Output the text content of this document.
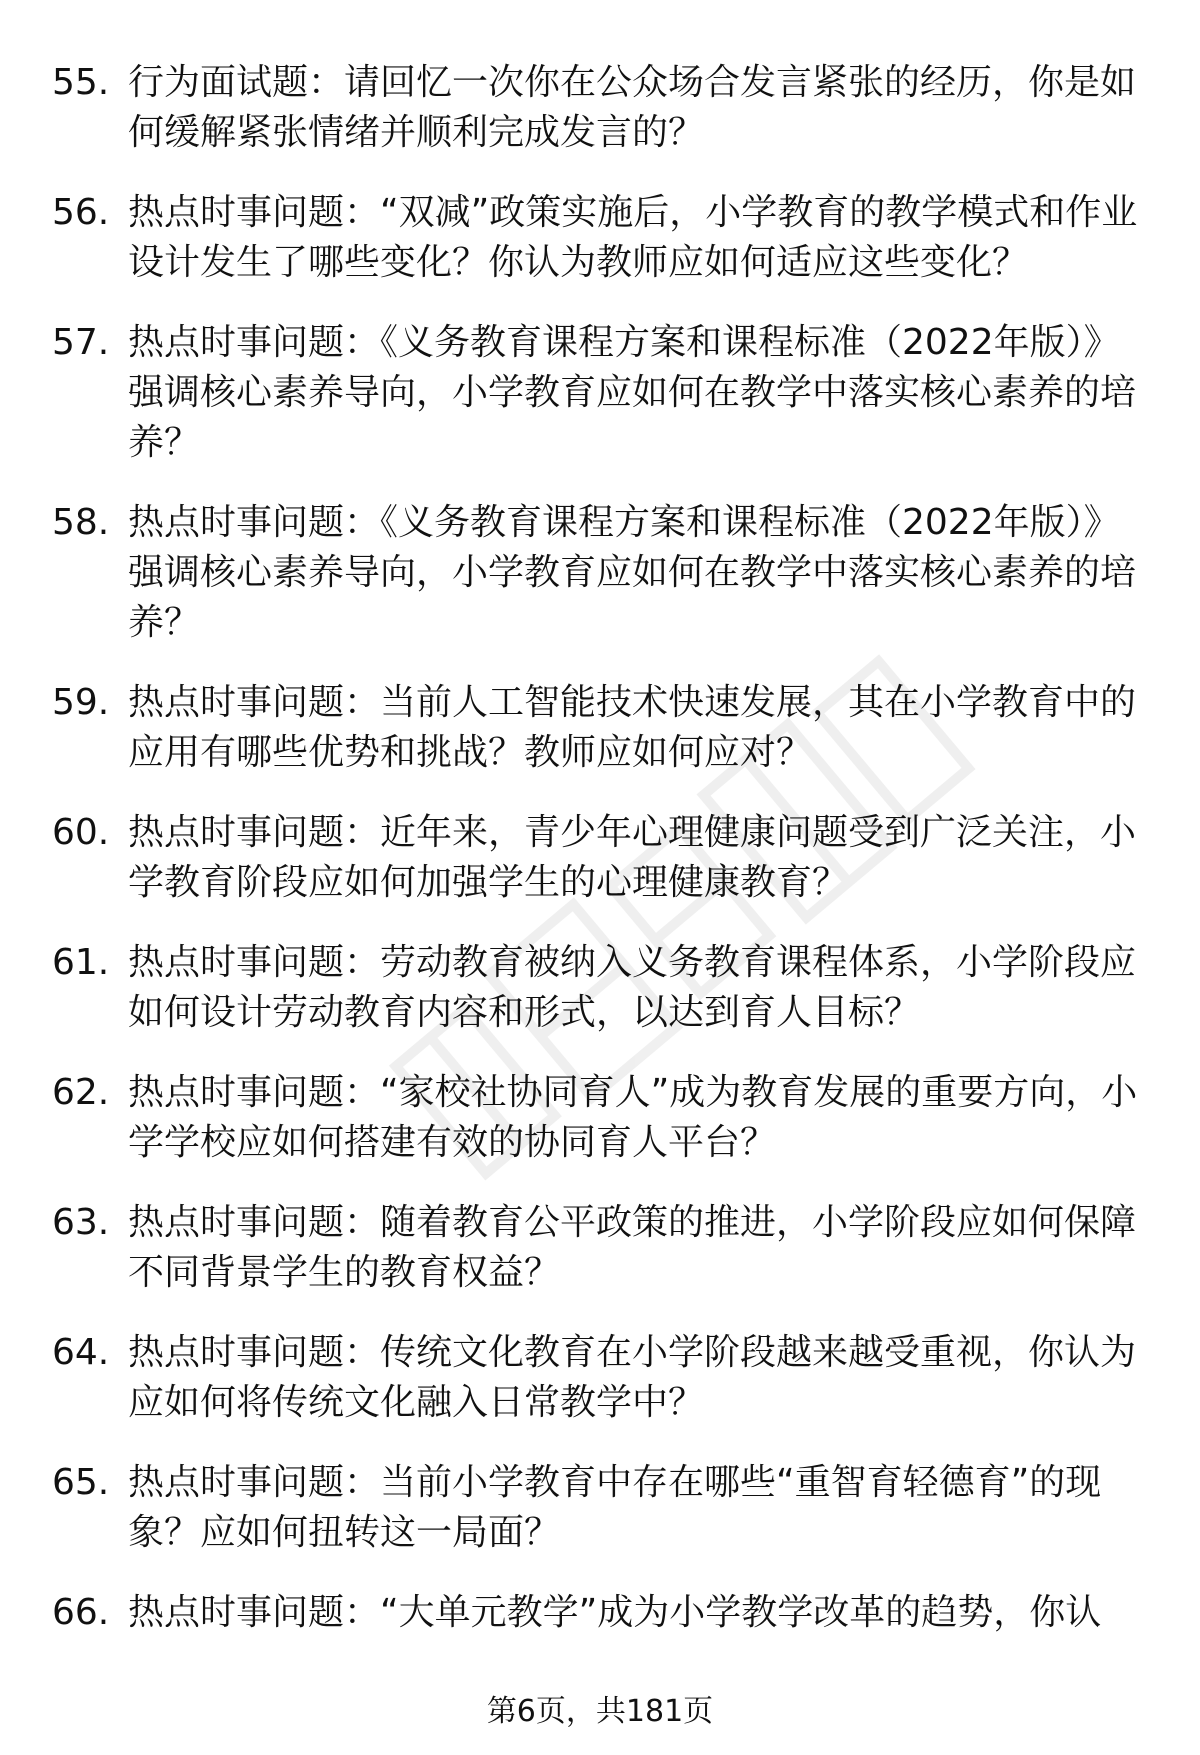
55. 行为面试题：请回忆一次你在公众场合发言紧张的经历，你是如何缓解紧张情绪并顺利完成发言的？
56. 热点时事问题：“双减”政策实施后，小学教育的教学模式和作业设计发生了哪些变化？你认为教师应如何适应这些变化？
57. 热点时事问题：《义务教育课程方案和课程标准（2022年版）》强调核心素养导向，小学教育应如何在教学中落实核心素养的培养？
58. 热点时事问题：《义务教育课程方案和课程标准（2022年版）》强调核心素养导向，小学教育应如何在教学中落实核心素养的培养？
59. 热点时事问题：当前人工智能技术快速发展，其在小学教育中的应用有哪些优势和挑战？教师应如何应对？
60. 热点时事问题：近年来，青少年心理健康问题受到广泛关注，小学教育阶段应如何加强学生的心理健康教育？
61. 热点时事问题：劳动教育被纳入义务教育课程体系，小学阶段应如何设计劳动教育内容和形式，以达到育人目标？
62. 热点时事问题：“家校社协同育人”成为教育发展的重要方向，小学学校应如何搭建有效的协同育人平台？
63. 热点时事问题：随着教育公平政策的推进，小学阶段应如何保障不同背景学生的教育权益？
64. 热点时事问题：传统文化教育在小学阶段越来越受重视，你认为应如何将传统文化融入日常教学中？
65. 热点时事问题：当前小学教育中存在哪些“重智育轻德育”的现象？应如何扭转这一局面？
66. 热点时事问题：“大单元教学”成为小学教学改革的趋势，你认
第6页，共181页
